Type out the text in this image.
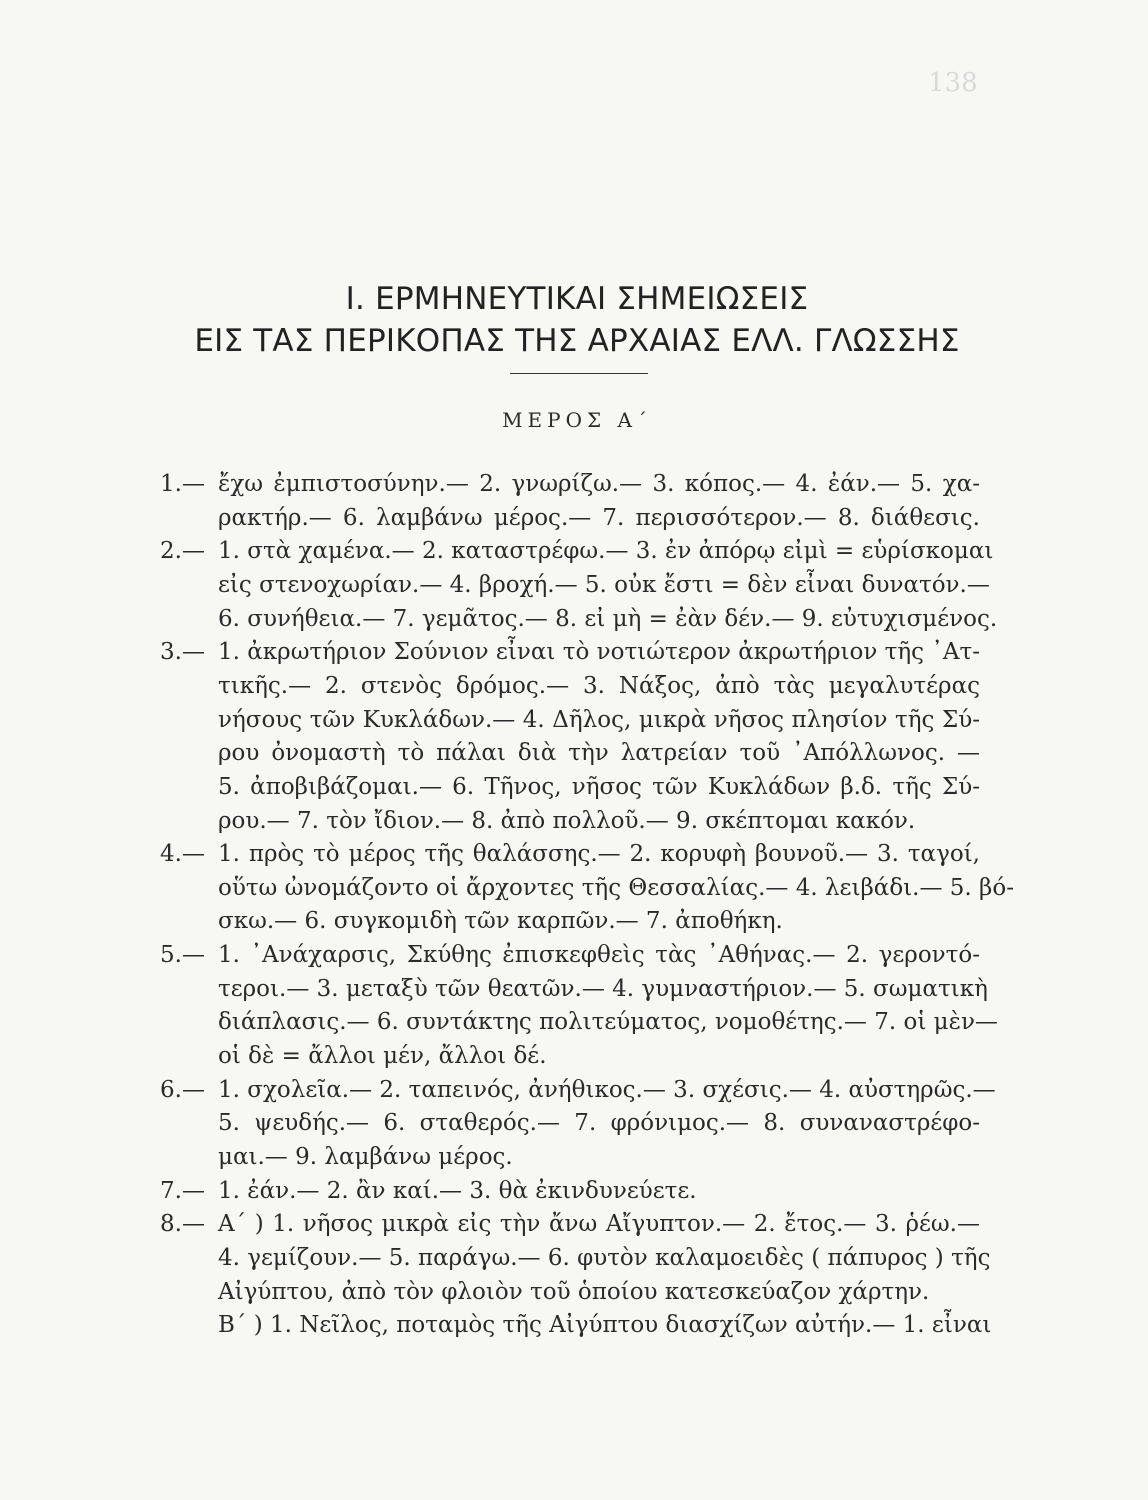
138
Ι. ΕΡΜΗΝΕΥΤΙΚΑΙ ΣΗΜΕΙΩΣΕΙΣ
ΕΙΣ ΤΑΣ ΠΕΡΙΚΟΠΑΣ ΤΗΣ ΑΡΧΑΙΑΣ ΕΛΛ. ΓΛΩΣΣΗΣ
ΜΕΡΟΣ Α΄
1.— ἔχω ἐμπιστοσύνην.— 2. γνωρίζω.— 3. κόπος.— 4. ἐάν.— 5. χα-
ρακτήρ.— 6. λαμβάνω μέρος.— 7. περισσότερον.— 8. διάθεσις.
2.— 1. στὰ χαμένα.— 2. καταστρέφω.— 3. ἐν ἀπόρῳ εἰμὶ = εὑρίσκομαι
εἰς στενοχωρίαν.— 4. βροχή.— 5. οὐκ ἔστι = δὲν εἶναι δυνατόν.—
6. συνήθεια.— 7. γεμᾶτος.— 8. εἰ μὴ = ἐὰν δέν.— 9. εὐτυχισμένος.
3.— 1. ἀκρωτήριον Σούνιον εἶναι τὸ νοτιώτερον ἀκρωτήριον τῆς ᾿Ατ-
τικῆς.— 2. στενὸς δρόμος.— 3. Νάξος, ἀπὸ τὰς μεγαλυτέρας
νήσους τῶν Κυκλάδων.— 4. Δῆλος, μικρὰ νῆσος πλησίον τῆς Σύ-
ρου ὀνομαστὴ τὸ πάλαι διὰ τὴν λατρείαν τοῦ ᾿Απόλλωνος. —
5. ἀποβιβάζομαι.— 6. Τῆνος, νῆσος τῶν Κυκλάδων β.δ. τῆς Σύ-
ρου.— 7. τὸν ἴδιον.— 8. ἀπὸ πολλοῦ.— 9. σκέπτομαι κακόν.
4.— 1. πρὸς τὸ μέρος τῆς θαλάσσης.— 2. κορυφὴ βουνοῦ.— 3. ταγοί,
οὕτω ὠνομάζοντο οἱ ἄρχοντες τῆς Θεσσαλίας.— 4. λειβάδι.— 5. βό-
σκω.— 6. συγκομιδὴ τῶν καρπῶν.— 7. ἀποθήκη.
5.— 1. ᾿Ανάχαρσις, Σκύθης ἐπισκεφθεὶς τὰς ᾿Αθήνας.— 2. γεροντό-
τεροι.— 3. μεταξὺ τῶν θεατῶν.— 4. γυμναστήριον.— 5. σωματικὴ
διάπλασις.— 6. συντάκτης πολιτεύματος, νομοθέτης.— 7. οἱ μὲν—
οἱ δὲ = ἄλλοι μέν, ἄλλοι δέ.
6.— 1. σχολεῖα.— 2. ταπεινός, ἀνήθικος.— 3. σχέσις.— 4. αὐστηρῶς.—
5. ψευδής.— 6. σταθερός.— 7. φρόνιμος.— 8. συναναστρέφο-
μαι.— 9. λαμβάνω μέρος.
7.— 1. ἐάν.— 2. ἂν καί.— 3. θὰ ἐκινδυνεύετε.
8.— Α΄ ) 1. νῆσος μικρὰ εἰς τὴν ἄνω Αἴγυπτον.— 2. ἔτος.— 3. ῥέω.—
4. γεμίζουν.— 5. παράγω.— 6. φυτὸν καλαμοειδὲς ( πάπυρος ) τῆς
Αἰγύπτου, ἀπὸ τὸν φλοιὸν τοῦ ὁποίου κατεσκεύαζον χάρτην.
Β΄ ) 1. Νεῖλος, ποταμὸς τῆς Αἰγύπτου διασχίζων αὐτήν.— 1. εἶναι
